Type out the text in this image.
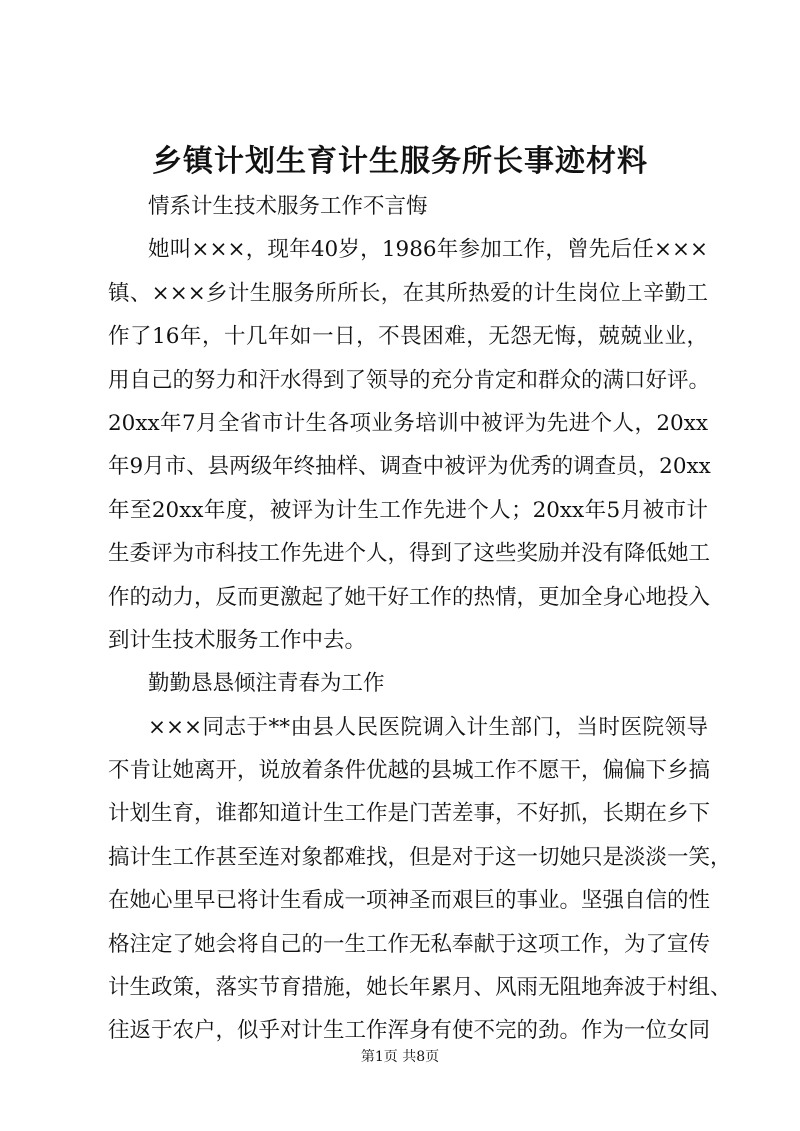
乡镇计划生育计生服务所长事迹材料
情系计生技术服务工作不言悔
她叫×××，现年40岁，1986年参加工作，曾先后任×××
镇、×××乡计生服务所所长，在其所热爱的计生岗位上辛勤工
作了16年，十几年如一日，不畏困难，无怨无悔，兢兢业业，
用自己的努力和汗水得到了领导的充分肯定和群众的满口好评。
20xx年7月全省市计生各项业务培训中被评为先进个人，20xx
年9月市、县两级年终抽样、调查中被评为优秀的调查员，20xx
年至20xx年度，被评为计生工作先进个人；20xx年5月被市计
生委评为市科技工作先进个人，得到了这些奖励并没有降低她工
作的动力，反而更激起了她干好工作的热情，更加全身心地投入
到计生技术服务工作中去。
勤勤恳恳倾注青春为工作
×××同志于**由县人民医院调入计生部门，当时医院领导
不肯让她离开，说放着条件优越的县城工作不愿干，偏偏下乡搞
计划生育，谁都知道计生工作是门苦差事，不好抓，长期在乡下
搞计生工作甚至连对象都难找，但是对于这一切她只是淡淡一笑，
在她心里早已将计生看成一项神圣而艰巨的事业。坚强自信的性
格注定了她会将自己的一生工作无私奉献于这项工作，为了宣传
计生政策，落实节育措施，她长年累月、风雨无阻地奔波于村组、
往返于农户，似乎对计生工作浑身有使不完的劲。作为一位女同
第1页 共8页
